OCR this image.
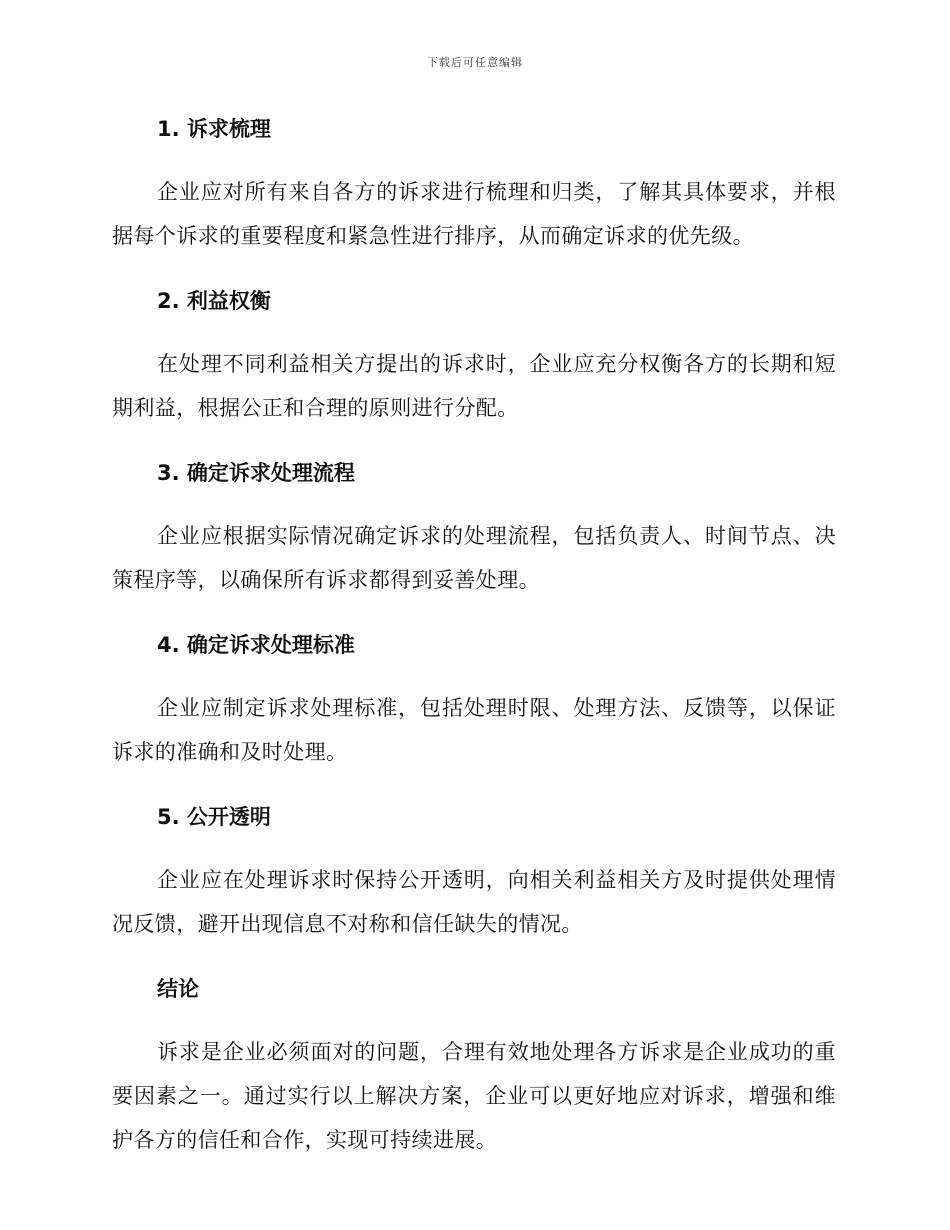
下载后可任意编辑
1. 诉求梳理

企业应对所有来自各方的诉求进行梳理和归类，了解其具体要求，并根据每个诉求的重要程度和紧急性进行排序，从而确定诉求的优先级。

2. 利益权衡

在处理不同利益相关方提出的诉求时，企业应充分权衡各方的长期和短期利益，根据公正和合理的原则进行分配。

3. 确定诉求处理流程

企业应根据实际情况确定诉求的处理流程，包括负责人、时间节点、决策程序等，以确保所有诉求都得到妥善处理。

4. 确定诉求处理标准

企业应制定诉求处理标准，包括处理时限、处理方法、反馈等，以保证诉求的准确和及时处理。

5. 公开透明

企业应在处理诉求时保持公开透明，向相关利益相关方及时提供处理情况反馈，避开出现信息不对称和信任缺失的情况。

结论

诉求是企业必须面对的问题，合理有效地处理各方诉求是企业成功的重要因素之一。通过实行以上解决方案，企业可以更好地应对诉求，增强和维护各方的信任和合作，实现可持续进展。
